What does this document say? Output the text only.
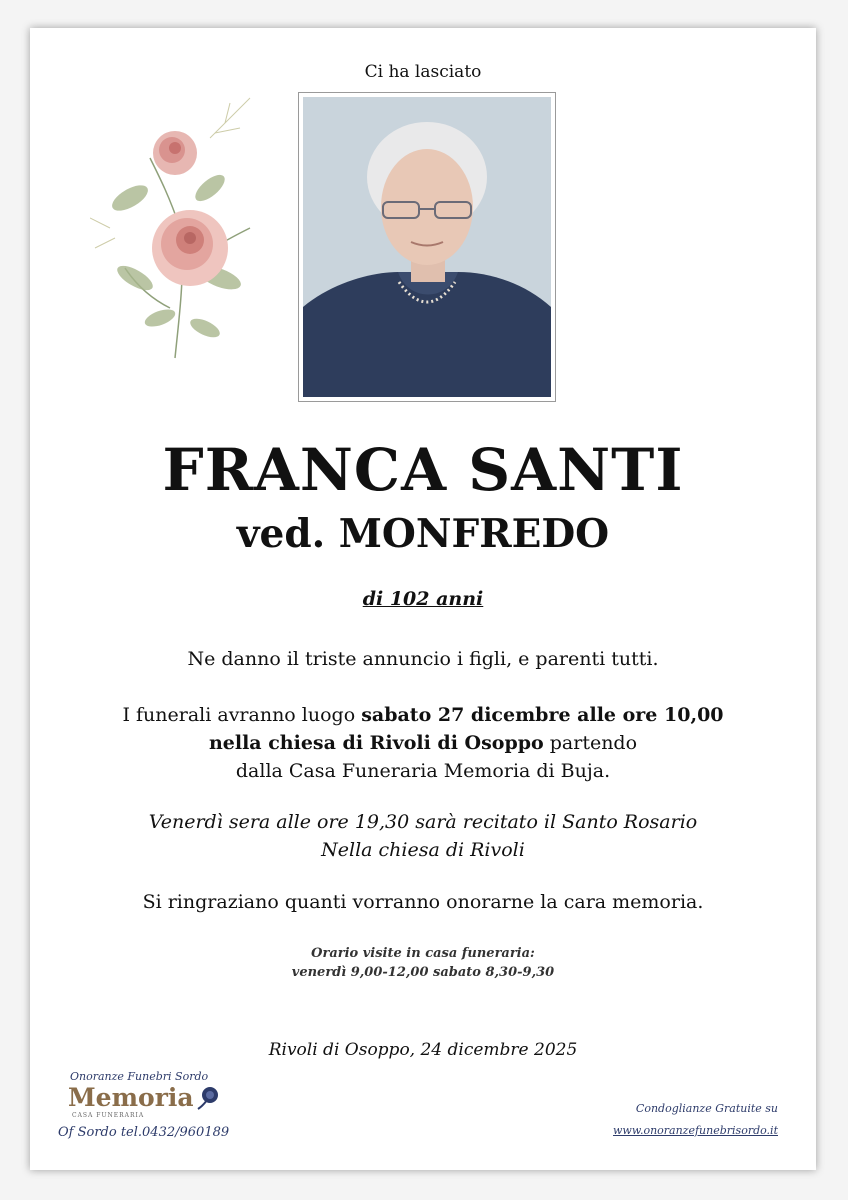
Ci ha lasciato
FRANCA SANTI
ved. MONFREDO
di 102 anni
Ne danno il triste annuncio i figli, e parenti tutti.
I funerali avranno luogo sabato 27 dicembre alle ore 10,00
nella chiesa di Rivoli di Osoppo partendo
dalla Casa Funeraria Memoria di Buja.
Venerdì sera alle ore 19,30 sarà recitato il Santo Rosario
Nella chiesa di Rivoli
Si ringraziano quanti vorranno onorarne la cara memoria.
Orario visite in casa funeraria:
venerdì 9,00-12,00 sabato 8,30-9,30
Rivoli di Osoppo, 24 dicembre 2025
Onoranze Funebri Sordo
Memoria
CASA FUNERARIA
Of Sordo tel.0432/960189
Condoglianze Gratuite su
www.onoranzefunebrisordo.it
